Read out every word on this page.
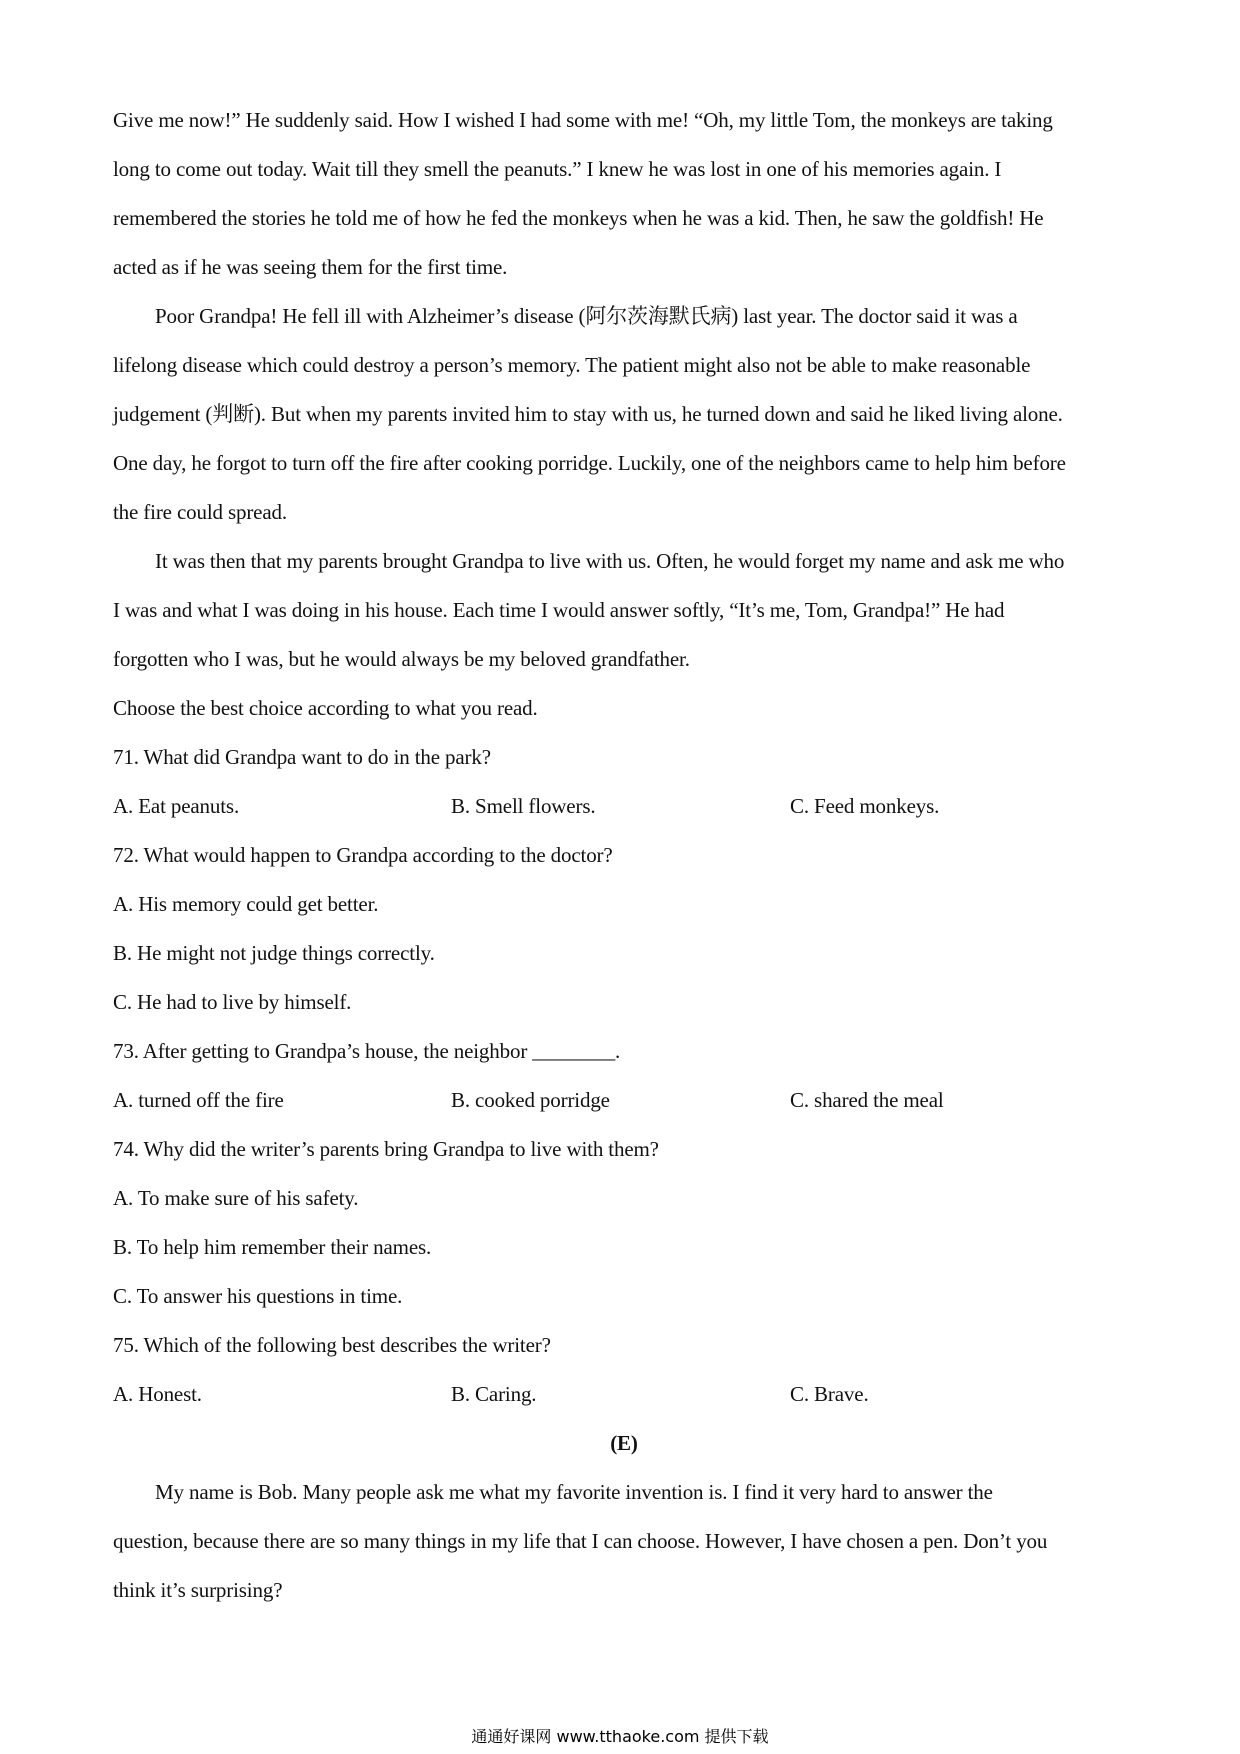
Give me now!” He suddenly said. How I wished I had some with me! “Oh, my little Tom, the monkeys are taking
long to come out today. Wait till they smell the peanuts.” I knew he was lost in one of his memories again. I
remembered the stories he told me of how he fed the monkeys when he was a kid. Then, he saw the goldfish! He
acted as if he was seeing them for the first time.
Poor Grandpa! He fell ill with Alzheimer’s disease (阿尔茨海默氏病) last year. The doctor said it was a
lifelong disease which could destroy a person’s memory. The patient might also not be able to make reasonable
judgement (判断). But when my parents invited him to stay with us, he turned down and said he liked living alone.
One day, he forgot to turn off the fire after cooking porridge. Luckily, one of the neighbors came to help him before
the fire could spread.
It was then that my parents brought Grandpa to live with us. Often, he would forget my name and ask me who
I was and what I was doing in his house. Each time I would answer softly, “It’s me, Tom, Grandpa!” He had
forgotten who I was, but he would always be my beloved grandfather.
Choose the best choice according to what you read.
71. What did Grandpa want to do in the park?
A. Eat peanuts.	B. Smell flowers.	C. Feed monkeys.
72. What would happen to Grandpa according to the doctor?
A. His memory could get better.
B. He might not judge things correctly.
C. He had to live by himself.
73. After getting to Grandpa’s house, the neighbor ________.
A. turned off the fire	B. cooked porridge	C. shared the meal
74. Why did the writer’s parents bring Grandpa to live with them?
A. To make sure of his safety.
B. To help him remember their names.
C. To answer his questions in time.
75. Which of the following best describes the writer?
A. Honest.	B. Caring.	C. Brave.
(E)
My name is Bob. Many people ask me what my favorite invention is. I find it very hard to answer the
question, because there are so many things in my life that I can choose. However, I have chosen a pen. Don’t you
think it’s surprising?
通通好课网 www.tthaoke.com 提供下载
